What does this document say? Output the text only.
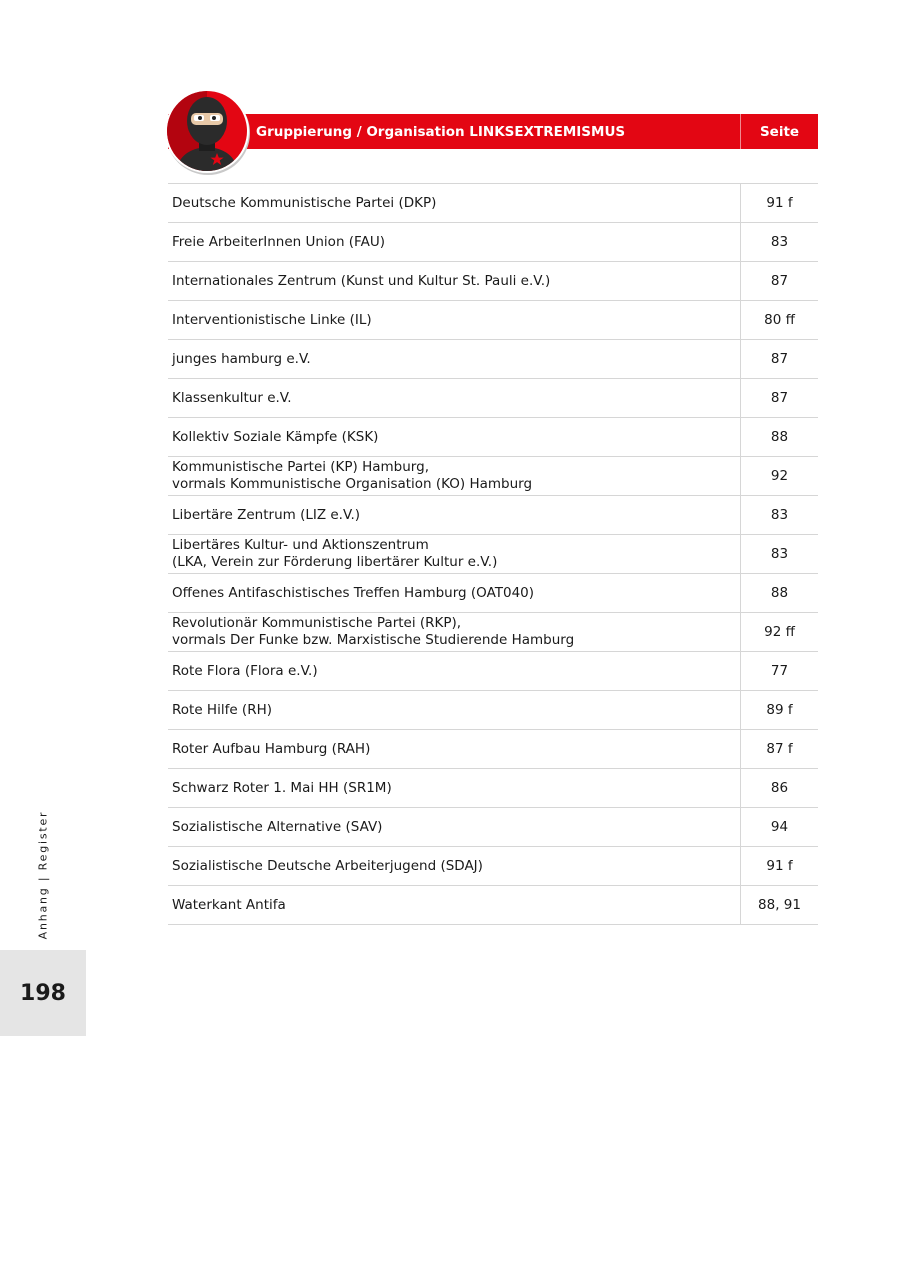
Gruppierung / Organisation LINKSEXTREMISMUS	Seite
Deutsche Kommunistische Partei (DKP)	91 f
Freie ArbeiterInnen Union (FAU)	83
Internationales Zentrum (Kunst und Kultur St. Pauli e.V.)	87
Interventionistische Linke (IL)	80 ff
junges hamburg e.V.	87
Klassenkultur e.V.	87
Kollektiv Soziale Kämpfe (KSK)	88
Kommunistische Partei (KP) Hamburg,
vormals Kommunistische Organisation (KO) Hamburg	92
Libertäre Zentrum (LIZ e.V.)	83
Libertäres Kultur- und Aktionszentrum
(LKA, Verein zur Förderung libertärer Kultur e.V.)	83
Offenes Antifaschistisches Treffen Hamburg (OAT040)	88
Revolutionär Kommunistische Partei (RKP),
vormals Der Funke bzw. Marxistische Studierende Hamburg	92 ff
Rote Flora (Flora e.V.)	77
Rote Hilfe (RH)	89 f
Roter Aufbau Hamburg (RAH)	87 f
Schwarz Roter 1. Mai HH (SR1M)	86
Sozialistische Alternative (SAV)	94
Sozialistische Deutsche Arbeiterjugend (SDAJ)	91 f
Waterkant Antifa	88, 91
Anhang | Register
198
